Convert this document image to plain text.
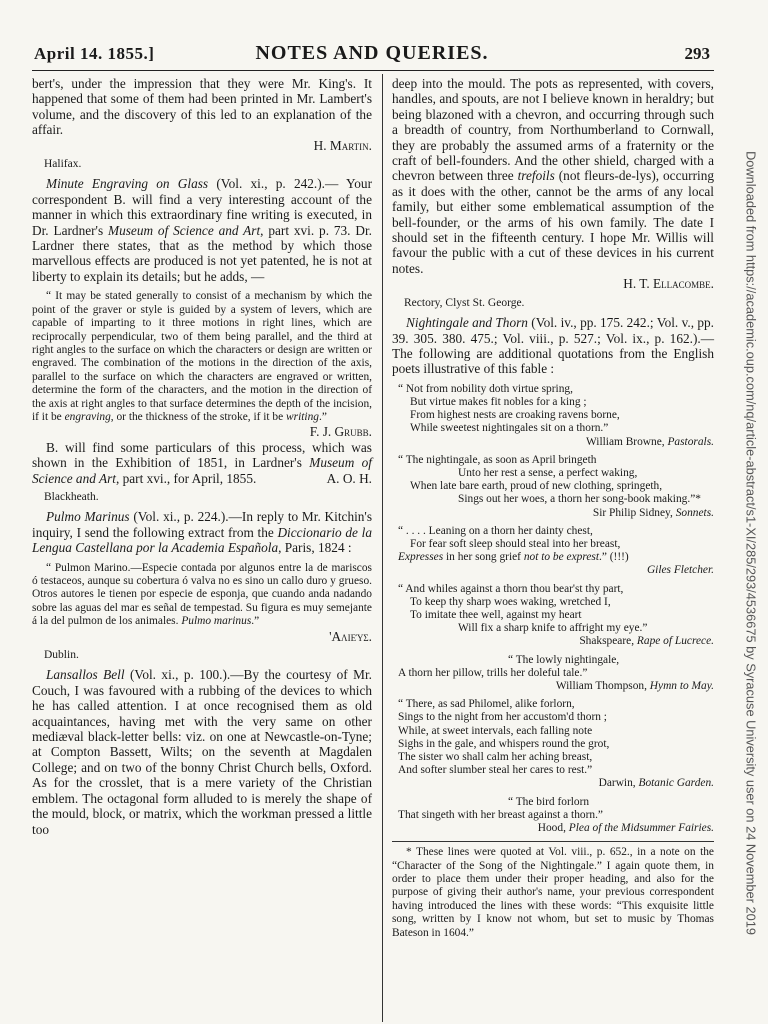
April 14. 1855.]	NOTES AND QUERIES.	293

bert's, under the impression that they were Mr. King's. It happened that some of them had been printed in Mr. Lambert's volume, and the discovery of this led to an explanation of the affair.

H. Martin.

Halifax.

Minute Engraving on Glass (Vol. xi., p. 242.).— Your correspondent B. will find a very interesting account of the manner in which this extraordinary fine writing is executed, in Dr. Lardner's Museum of Science and Art, part xvi. p. 73. Dr. Lardner there states, that as the method by which those marvellous effects are produced is not yet patented, he is not at liberty to explain its details; but he adds, —

“ It may be stated generally to consist of a mechanism by which the point of the graver or style is guided by a system of levers, which are capable of imparting to it three motions in right lines, which are reciprocally perpendicular, two of them being parallel, and the third at right angles to the surface on which the characters or design are written or engraved. The combination of the motions in the direction of the axis, parallel to the surface on which the characters are engraved or written, determine the form of the characters, and the motion in the direction of the axis at right angles to that surface determines the depth of the incision, if it be engraving, or the thickness of the stroke, if it be writing.”

F. J. Grubb.

B. will find some particulars of this process, which was shown in the Exhibition of 1851, in Lardner's Museum of Science and Art, part xvi., for April, 1855.	A. O. H.

Blackheath.

Pulmo Marinus (Vol. xi., p. 224.).—In reply to Mr. Kitchin's inquiry, I send the following extract from the Diccionario de la Lengua Castellana por la Academia Española, Paris, 1824 :

“ Pulmon Marino.—Especie contada por algunos entre la de mariscos ó testaceos, aunque su cobertura ó valva no es sino un callo duro y grueso. Otros autores le tienen por especie de esponja, que cuando anda nadando sobre las aguas del mar es señal de tempestad. Su figura es muy semejante á la del pulmon de los animales. Pulmo marinus.”

'Αλιεύς.

Dublin.

Lansallos Bell (Vol. xi., p. 100.).—By the courtesy of Mr. Couch, I was favoured with a rubbing of the devices to which he has called attention. I at once recognised them as old acquaintances, having met with the very same on other mediæval black-letter bells: viz. on one at Newcastle-on-Tyne; at Compton Bassett, Wilts; on the seventh at Magdalen College; and on two of the bonny Christ Church bells, Oxford. As for the crosslet, that is a mere variety of the Christian emblem. The octagonal form alluded to is merely the shape of the mould, block, or matrix, which the workman pressed a little too

deep into the mould. The pots as represented, with covers, handles, and spouts, are not I believe known in heraldry; but being blazoned with a chevron, and occurring through such a breadth of country, from Northumberland to Cornwall, they are probably the assumed arms of a fraternity or the craft of bell-founders. And the other shield, charged with a chevron between three trefoils (not fleurs-de-lys), occurring as it does with the other, cannot be the arms of any local family, but either some emblematical assumption of the bell-founder, or the arms of his own family. The date I should set in the fifteenth century. I hope Mr. Willis will favour the public with a cut of these devices in his current notes.

H. T. Ellacombe.

Rectory, Clyst St. George.

Nightingale and Thorn (Vol. iv., pp. 175. 242.; Vol. v., pp. 39. 305. 380. 475.; Vol. viii., p. 527.; Vol. ix., p. 162.).—The following are additional quotations from the English poets illustrative of this fable :

“ Not from nobility doth virtue spring,
But virtue makes fit nobles for a king ;
From highest nests are croaking ravens borne,
While sweetest nightingales sit on a thorn.”
William Browne, Pastorals.
“ The nightingale, as soon as April bringeth
Unto her rest a sense, a perfect waking,
When late bare earth, proud of new clothing, springeth,
Sings out her woes, a thorn her song-book making.”*
Sir Philip Sidney, Sonnets.
“ . . . . Leaning on a thorn her dainty chest,
For fear soft sleep should steal into her breast,
Expresses in her song grief not to be exprest.” (!!!)
Giles Fletcher.
“ And whiles against a thorn thou bear'st thy part,
To keep thy sharp woes waking, wretched I,
To imitate thee well, against my heart
Will fix a sharp knife to affright my eye.”
Shakspeare, Rape of Lucrece.
“ The lowly nightingale,
A thorn her pillow, trills her doleful tale.”
William Thompson, Hymn to May.
“ There, as sad Philomel, alike forlorn,
Sings to the night from her accustom'd thorn ;
While, at sweet intervals, each falling note
Sighs in the gale, and whispers round the grot,
The sister wo shall calm her aching breast,
And softer slumber steal her cares to rest.”
Darwin, Botanic Garden.
“ The bird forlorn
That singeth with her breast against a thorn.”
Hood, Plea of the Midsummer Fairies.

* These lines were quoted at Vol. viii., p. 652., in a note on the “Character of the Song of the Nightingale.” I again quote them, in order to place them under their proper heading, and also for the purpose of giving their author's name, your previous correspondent having introduced the lines with these words: “This exquisite little song, written by I know not whom, but set to music by Thomas Bateson in 1604.”	Downloaded from https://academic.oup.com/nq/article-abstract/s1-XI/285/293/4536675 by Syracuse University user on 24 November 2019
